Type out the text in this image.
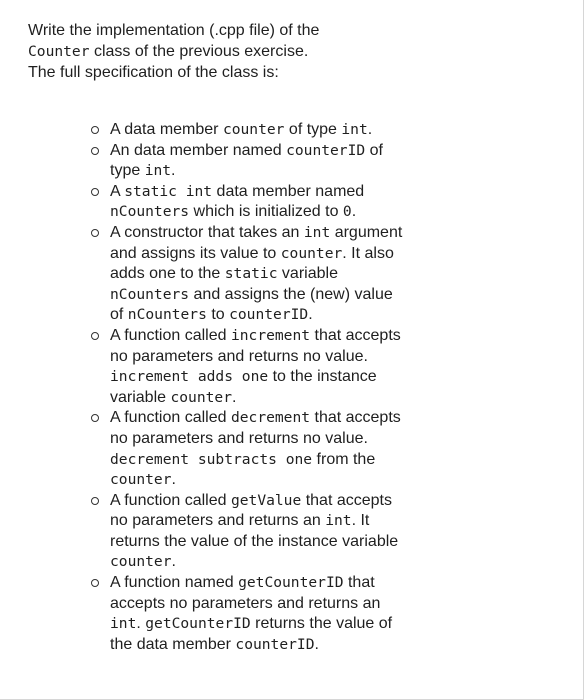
Write the implementation (.cpp file) of the

Counter class of the previous exercise.

The full specification of the class is:

A data member counter of type int.
An data member named counterID of type int.
A static int data member named nCounters which is initialized to 0.
A constructor that takes an int argument and assigns its value to counter. It also adds one to the static variable nCounters and assigns the (new) value of nCounters to counterID.
A function called increment that accepts no parameters and returns no value. increment adds one to the instance variable counter.
A function called decrement that accepts no parameters and returns no value. decrement subtracts one from the counter.
A function called getValue that accepts no parameters and returns an int. It returns the value of the instance variable counter.
A function named getCounterID that accepts no parameters and returns an int. getCounterID returns the value of the data member counterID.
